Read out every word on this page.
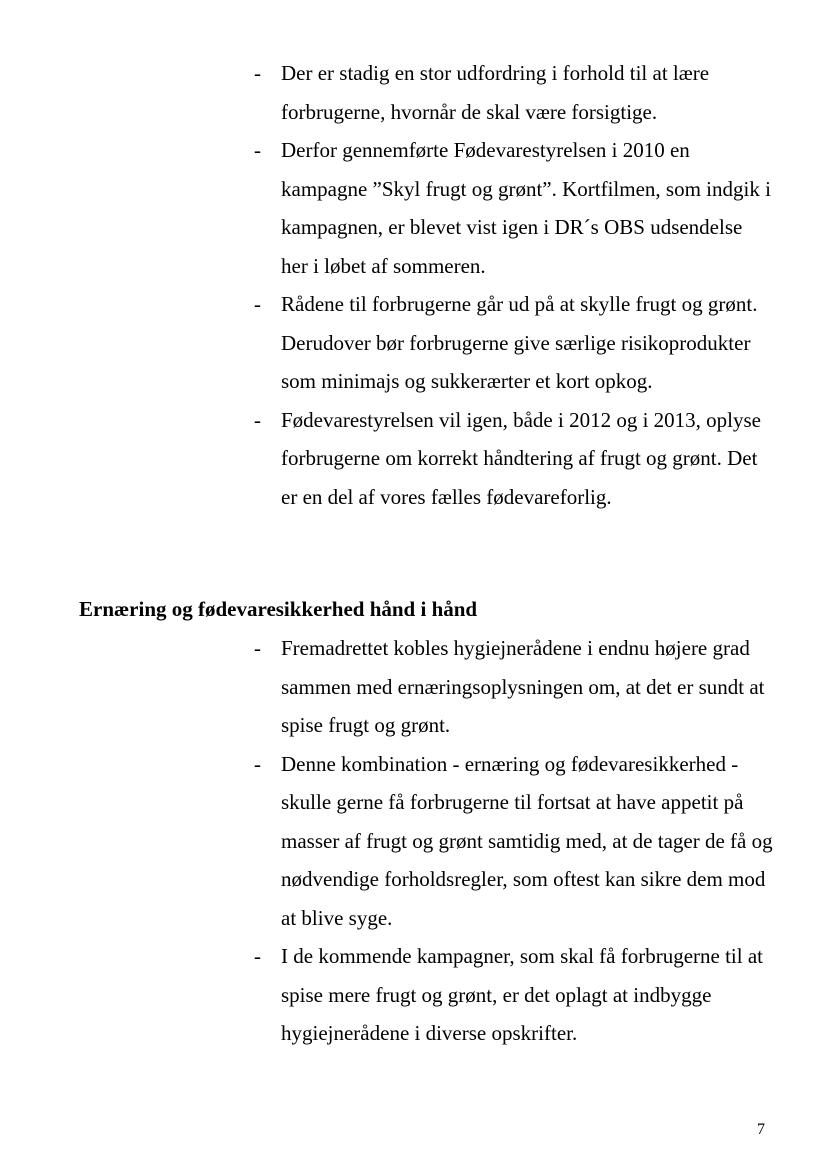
- Der er stadig en stor udfordring i forhold til at lære forbrugerne, hvornår de skal være forsigtige.
- Derfor gennemførte Fødevarestyrelsen i 2010 en kampagne ”Skyl frugt og grønt”. Kortfilmen, som indgik i kampagnen, er blevet vist igen i DR´s OBS udsendelse her i løbet af sommeren.
- Rådene til forbrugerne går ud på at skylle frugt og grønt. Derudover bør forbrugerne give særlige risikoprodukter som minimajs og sukkerærter et kort opkog.
- Fødevarestyrelsen vil igen, både i 2012 og i 2013, oplyse forbrugerne om korrekt håndtering af frugt og grønt. Det er en del af vores fælles fødevareforlig.
Ernæring og fødevaresikkerhed hånd i hånd
- Fremadrettet kobles hygiejnerådene i endnu højere grad sammen med ernæringsoplysningen om, at det er sundt at spise frugt og grønt.
- Denne kombination - ernæring og fødevaresikkerhed - skulle gerne få forbrugerne til fortsat at have appetit på masser af frugt og grønt samtidig med, at de tager de få og nødvendige forholdsregler, som oftest kan sikre dem mod at blive syge.
- I de kommende kampagner, som skal få forbrugerne til at spise mere frugt og grønt, er det oplagt at indbygge hygiejnerådene i diverse opskrifter.
7
